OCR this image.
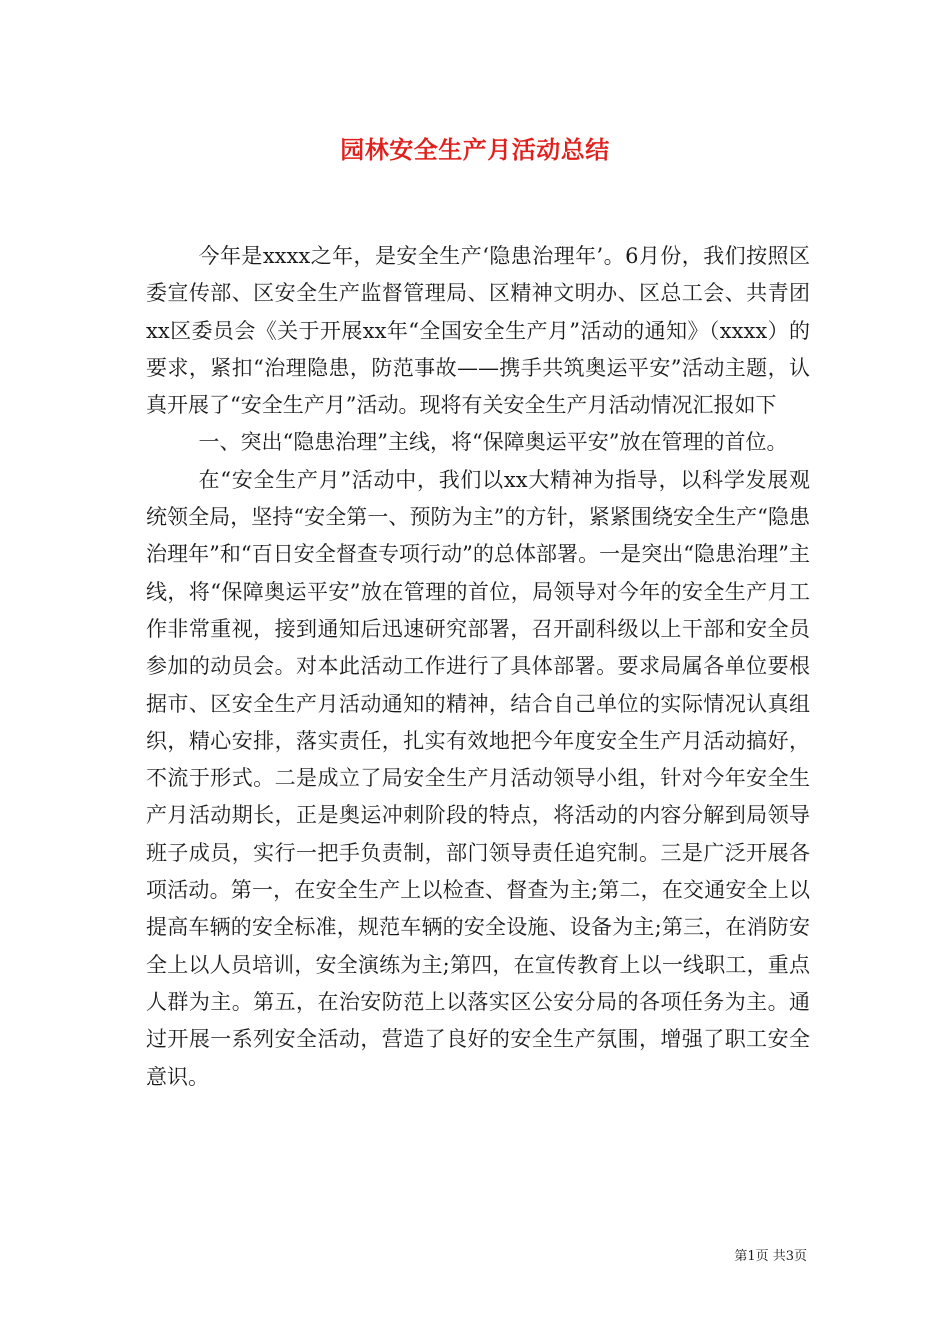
园林安全生产月活动总结

今年是xxxx之年，是安全生产‘隐患治理年’。6月份，我们按照区委宣传部、区安全生产监督管理局、区精神文明办、区总工会、共青团xx区委员会《关于开展xx年“全国安全生产月”活动的通知》（xxxx）的要求，紧扣“治理隐患，防范事故——携手共筑奥运平安”活动主题，认真开展了“安全生产月”活动。现将有关安全生产月活动情况汇报如下

一、突出“隐患治理”主线，将“保障奥运平安”放在管理的首位。

在“安全生产月”活动中，我们以xx大精神为指导，以科学发展观统领全局，坚持“安全第一、预防为主”的方针，紧紧围绕安全生产“隐患治理年”和“百日安全督查专项行动”的总体部署。一是突出“隐患治理”主线，将“保障奥运平安”放在管理的首位，局领导对今年的安全生产月工作非常重视，接到通知后迅速研究部署，召开副科级以上干部和安全员参加的动员会。对本此活动工作进行了具体部署。要求局属各单位要根据市、区安全生产月活动通知的精神，结合自己单位的实际情况认真组织，精心安排，落实责任，扎实有效地把今年度安全生产月活动搞好，不流于形式。二是成立了局安全生产月活动领导小组，针对今年安全生产月活动期长，正是奥运冲刺阶段的特点，将活动的内容分解到局领导班子成员，实行一把手负责制，部门领导责任追究制。三是广泛开展各项活动。第一，在安全生产上以检查、督查为主;第二，在交通安全上以提高车辆的安全标准，规范车辆的安全设施、设备为主;第三，在消防安全上以人员培训，安全演练为主;第四，在宣传教育上以一线职工，重点人群为主。第五，在治安防范上以落实区公安分局的各项任务为主。通过开展一系列安全活动，营造了良好的安全生产氛围，增强了职工安全意识。

第1页 共3页
